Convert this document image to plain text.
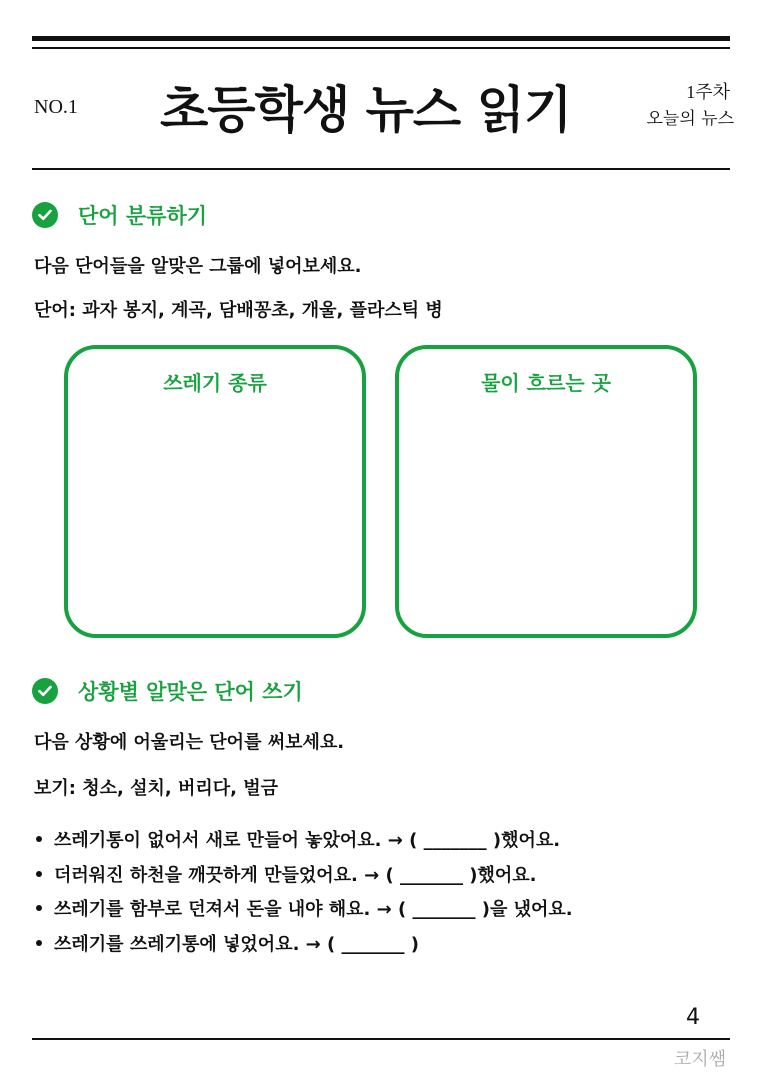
NO.1 초등학생 뉴스 읽기	1주차
오늘의 뉴스
단어 분류하기
다음 단어들을 알맞은 그룹에 넣어보세요.
단어: 과자 봉지, 계곡, 담배꽁초, 개울, 플라스틱 병
쓰레기 종류	물이 흐르는 곳
상황별 알맞은 단어 쓰기
다음 상황에 어울리는 단어를 써보세요.
보기: 청소, 설치, 버리다, 벌금
쓰레기통이 없어서 새로 만들어 놓았어요. → ( _______ )했어요.
더러워진 하천을 깨끗하게 만들었어요. → ( _______ )했어요.
쓰레기를 함부로 던져서 돈을 내야 해요. → ( _______ )을 냈어요.
쓰레기를 쓰레기통에 넣었어요. → ( _______ )
4
코지쌤
